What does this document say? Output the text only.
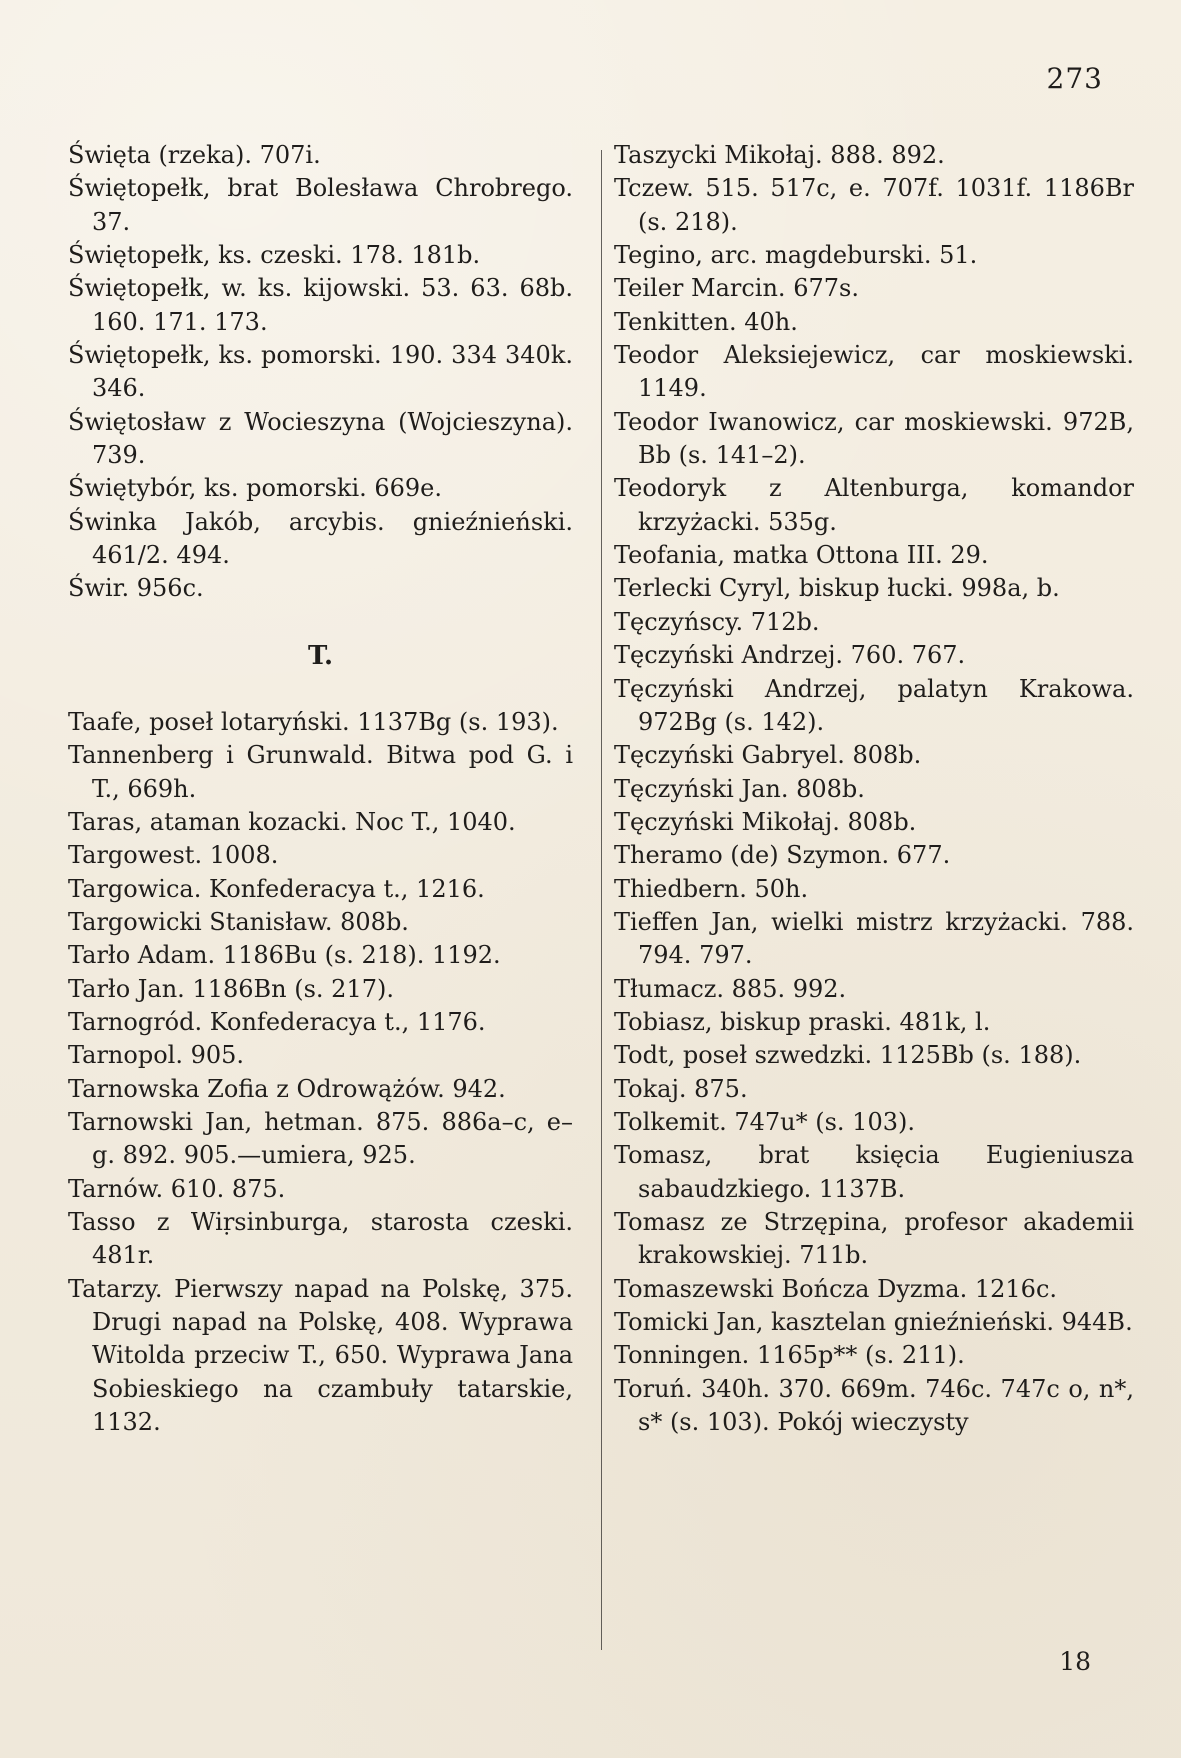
273

Święta (rzeka). 707i.

Świętopełk, brat Bolesława Chrobrego. 37.

Świętopełk, ks. czeski. 178. 181b.

Świętopełk, w. ks. kijowski. 53. 63. 68b. 160. 171. 173.

Świętopełk, ks. pomorski. 190. 334 340k. 346.

Świętosław z Wocieszyna (Wojcieszyna). 739.

Świętybór, ks. pomorski. 669e.

Świnka Jakób, arcybis. gnieźnieński. 461/2. 494.

Świr. 956c.

T.

Taafe, poseł lotaryński. 1137Bg (s. 193).

Tannenberg i Grunwald. Bitwa pod G. i T., 669h.

Taras, ataman kozacki. Noc T., 1040.

Targowest. 1008.

Targowica. Konfederacya t., 1216.

Targowicki Stanisław. 808b.

Tarło Adam. 1186Bu (s. 218). 1192.

Tarło Jan. 1186Bn (s. 217).

Tarnogród. Konfederacya t., 1176.

Tarnopol. 905.

Tarnowska Zofia z Odrowążów. 942.

Tarnowski Jan, hetman. 875. 886a–c, e–g. 892. 905.—umiera, 925.

Tarnów. 610. 875.

Tasso z Wiṛsinburga, starosta czeski. 481r.

Tatarzy. Pierwszy napad na Polskę, 375. Drugi napad na Polskę, 408. Wyprawa Witolda przeciw T., 650. Wyprawa Jana Sobieskiego na czambuły tatarskie, 1132.

Taszycki Mikołaj. 888. 892.

Tczew. 515. 517c, e. 707f. 1031f. 1186Br (s. 218).

Tegino, arc. magdeburski. 51.

Teiler Marcin. 677s.

Tenkitten. 40h.

Teodor Aleksiejewicz, car moskiewski. 1149.

Teodor Iwanowicz, car moskiewski. 972B, Bb (s. 141–2).

Teodoryk z Altenburga, komandor krzyżacki. 535g.

Teofania, matka Ottona III. 29.

Terlecki Cyryl, biskup łucki. 998a, b.

Tęczyńscy. 712b.

Tęczyński Andrzej. 760. 767.

Tęczyński Andrzej, palatyn Krakowa. 972Bg (s. 142).

Tęczyński Gabryel. 808b.

Tęczyński Jan. 808b.

Tęczyński Mikołaj. 808b.

Theramo (de) Szymon. 677.

Thiedbern. 50h.

Tieffen Jan, wielki mistrz krzyżacki. 788. 794. 797.

Tłumacz. 885. 992.

Tobiasz, biskup praski. 481k, l.

Todt, poseł szwedzki. 1125Bb (s. 188).

Tokaj. 875.

Tolkemit. 747u* (s. 103).

Tomasz, brat księcia Eugieniusza sabaudzkiego. 1137B.

Tomasz ze Strzępina, profesor akademii krakowskiej. 711b.

Tomaszewski Bończa Dyzma. 1216c.

Tomicki Jan, kasztelan gnieźnieński. 944B.

Tonningen. 1165p** (s. 211).

Toruń. 340h. 370. 669m. 746c. 747c o, n*, s* (s. 103). Pokój wieczysty

18
